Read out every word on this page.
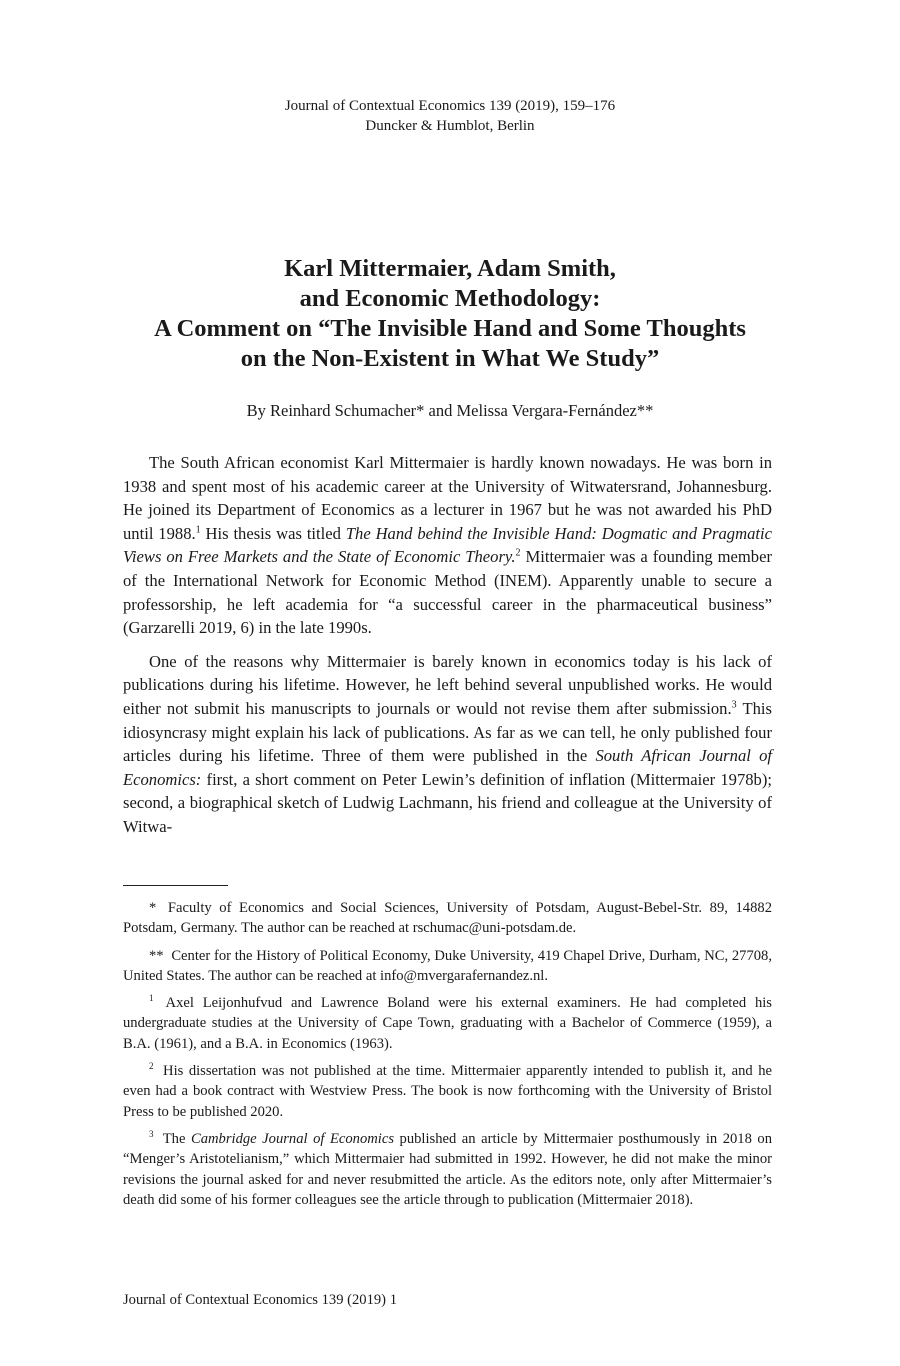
Journal of Contextual Economics 139 (2019), 159–176
Duncker & Humblot, Berlin
Karl Mittermaier, Adam Smith,
and Economic Methodology:
A Comment on “The Invisible Hand and Some Thoughts
on the Non-Existent in What We Study”
By Reinhard Schumacher* and Melissa Vergara-Fernández**

The South African economist Karl Mittermaier is hardly known nowadays. He was born in 1938 and spent most of his academic career at the University of Witwatersrand, Johannesburg. He joined its Department of Economics as a lecturer in 1967 but he was not awarded his PhD until 1988.$^1$ His thesis was titled The Hand behind the Invisible Hand: Dogmatic and Pragmatic Views on Free Markets and the State of Economic Theory.$^2$ Mittermaier was a founding member of the International Network for Economic Method (INEM). Apparently unable to secure a professorship, he left academia for “a successful career in the pharmaceutical business” (Garzarelli 2019, 6) in the late 1990s.

One of the reasons why Mittermaier is barely known in economics today is his lack of publications during his lifetime. However, he left behind several unpublished works. He would either not submit his manuscripts to journals or would not revise them after submission.$^3$ This idiosyncrasy might explain his lack of publications. As far as we can tell, he only published four articles during his lifetime. Three of them were published in the South African Journal of Economics: first, a short comment on Peter Lewin’s definition of inflation (Mittermaier 1978b); second, a biographical sketch of Ludwig Lachmann, his friend and colleague at the University of Witwa-

* Faculty of Economics and Social Sciences, University of Potsdam, August-Bebel-Str. 89, 14882 Potsdam, Germany. The author can be reached at rschumac@uni-potsdam.de.
** Center for the History of Political Economy, Duke University, 419 Chapel Drive, Durham, NC, 27708, United States. The author can be reached at info@mvergarafernandez.nl.
$^1$ Axel Leijonhufvud and Lawrence Boland were his external examiners. He had completed his undergraduate studies at the University of Cape Town, graduating with a Bachelor of Commerce (1959), a B.A. (1961), and a B.A. in Economics (1963).
$^2$ His dissertation was not published at the time. Mittermaier apparently intended to publish it, and he even had a book contract with Westview Press. The book is now forthcoming with the University of Bristol Press to be published 2020.
$^3$ The Cambridge Journal of Economics published an article by Mittermaier posthumously in 2018 on “Menger’s Aristotelianism,” which Mittermaier had submitted in 1992. However, he did not make the minor revisions the journal asked for and never resubmitted the article. As the editors note, only after Mittermaier’s death did some of his former colleagues see the article through to publication (Mittermaier 2018).
Journal of Contextual Economics 139 (2019) 1
